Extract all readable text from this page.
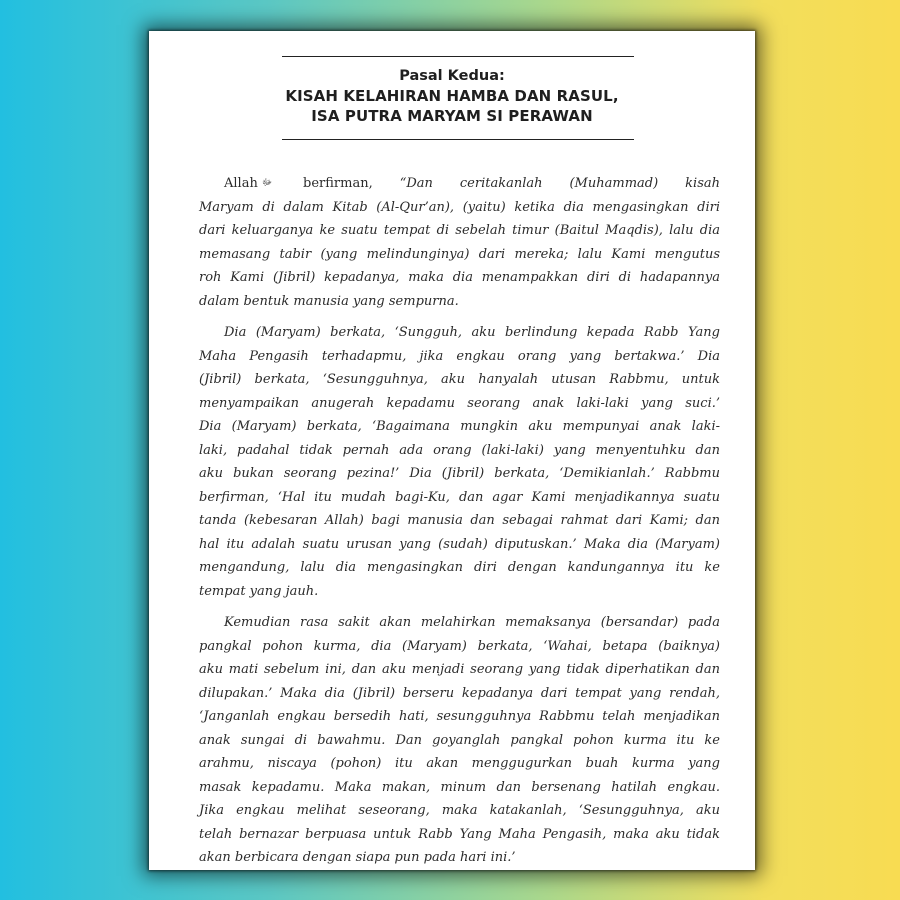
Pasal Kedua:
KISAH KELAHIRAN HAMBA DAN RASUL,
ISA PUTRA MARYAM SI PERAWAN

Allah ﷻ berfirman, “Dan ceritakanlah (Muhammad) kisah
Maryam di dalam Kitab (Al-Qur’an), (yaitu) ketika dia mengasingkan diri
dari keluarganya ke suatu tempat di sebelah timur (Baitul Maqdis), lalu dia
memasang tabir (yang melindunginya) dari mereka; lalu Kami mengutus
roh Kami (Jibril) kepadanya, maka dia menampakkan diri di hadapannya
dalam bentuk manusia yang sempurna.

Dia (Maryam) berkata, ‘Sungguh, aku berlindung kepada Rabb Yang
Maha Pengasih terhadapmu, jika engkau orang yang bertakwa.’ Dia
(Jibril) berkata, ‘Sesungguhnya, aku hanyalah utusan Rabbmu, untuk
menyampaikan anugerah kepadamu seorang anak laki-laki yang suci.’
Dia (Maryam) berkata, ‘Bagaimana mungkin aku mempunyai anak laki-
laki, padahal tidak pernah ada orang (laki-laki) yang menyentuhku dan
aku bukan seorang pezina!’ Dia (Jibril) berkata, ‘Demikianlah.’ Rabbmu
berfirman, ‘Hal itu mudah bagi-Ku, dan agar Kami menjadikannya suatu
tanda (kebesaran Allah) bagi manusia dan sebagai rahmat dari Kami; dan
hal itu adalah suatu urusan yang (sudah) diputuskan.’ Maka dia (Maryam)
mengandung, lalu dia mengasingkan diri dengan kandungannya itu ke
tempat yang jauh.

Kemudian rasa sakit akan melahirkan memaksanya (bersandar) pada
pangkal pohon kurma, dia (Maryam) berkata, ‘Wahai, betapa (baiknya)
aku mati sebelum ini, dan aku menjadi seorang yang tidak diperhatikan dan
dilupakan.’ Maka dia (Jibril) berseru kepadanya dari tempat yang rendah,
‘Janganlah engkau bersedih hati, sesungguhnya Rabbmu telah menjadikan
anak sungai di bawahmu. Dan goyanglah pangkal pohon kurma itu ke
arahmu, niscaya (pohon) itu akan menggugurkan buah kurma yang
masak kepadamu. Maka makan, minum dan bersenang hatilah engkau.
Jika engkau melihat seseorang, maka katakanlah, ‘Sesungguhnya, aku
telah bernazar berpuasa untuk Rabb Yang Maha Pengasih, maka aku tidak
akan berbicara dengan siapa pun pada hari ini.’
